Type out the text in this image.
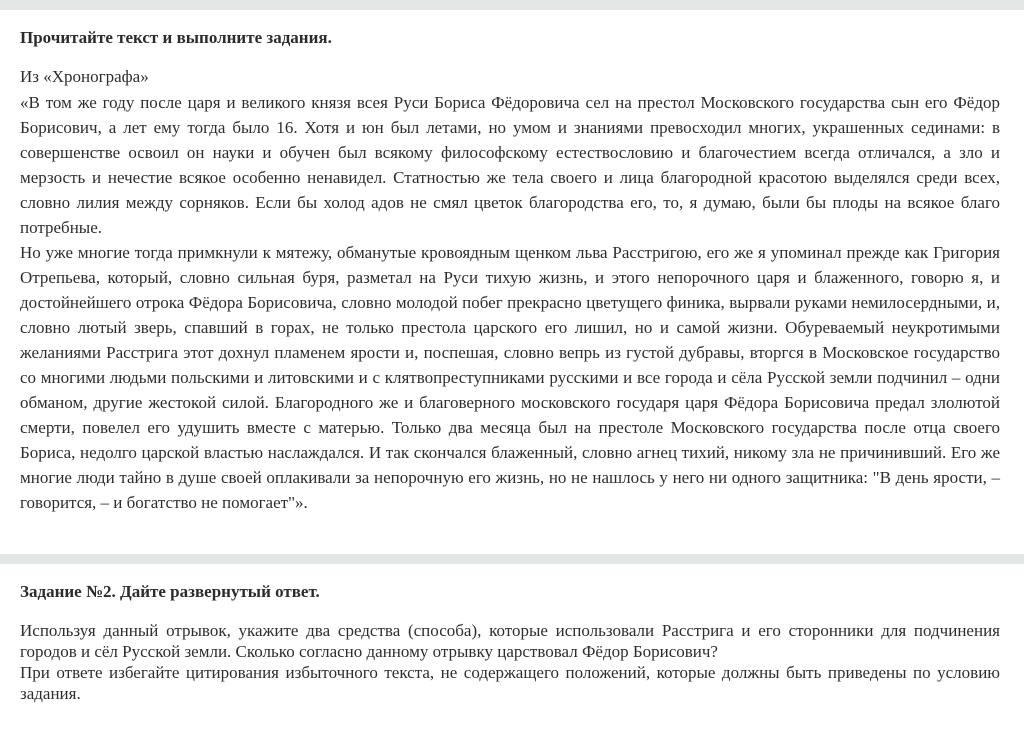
Прочитайте текст и выполните задания.
Из «Хронографа»

«В том же году после царя и великого князя всея Руси Бориса Фёдоровича сел на престол Московского государства сын его Фёдор Борисович, а лет ему тогда было 16. Хотя и юн был летами, но умом и знаниями превосходил многих, украшенных сединами: в совершенстве освоил он науки и обучен был всякому философскому естествословию и благочестием всегда отличался, а зло и мерзость и нечестие всякое особенно ненавидел. Статностью же тела своего и лица благородной красотою выделялся среди всех, словно лилия между сорняков. Если бы холод адов не смял цветок благородства его, то, я думаю, были бы плоды на всякое благо потребные.

Но уже многие тогда примкнули к мятежу, обманутые кровоядным щенком льва Расстригою, его же я упоминал прежде как Григория Отрепьева, который, словно сильная буря, разметал на Руси тихую жизнь, и этого непорочного царя и блаженного, говорю я, и достойнейшего отрока Фёдора Борисовича, словно молодой побег прекрасно цветущего финика, вырвали руками немилосердными, и, словно лютый зверь, спавший в горах, не только престола царского его лишил, но и самой жизни. Обуреваемый неукротимыми желаниями Расстрига этот дохнул пламенем ярости и, поспешая, словно вепрь из густой дубравы, вторгся в Московское государство со многими людьми польскими и литовскими и с клятвопреступниками русскими и все города и сёла Русской земли подчинил – одни обманом, другие жестокой силой. Благородного же и благоверного московского государя царя Фёдора Борисовича предал злолютой смерти, повелел его удушить вместе с матерью. Только два месяца был на престоле Московского государства после отца своего Бориса, недолго царской властью наслаждался. И так скончался блаженный, словно агнец тихий, никому зла не причинивший. Его же многие люди тайно в душе своей оплакивали за непорочную его жизнь, но не нашлось у него ни одного защитника: "В день ярости, – говорится, – и богатство не помогает"».

Задание №2. Дайте развернутый ответ.

Используя данный отрывок, укажите два средства (способа), которые использовали Расстрига и его сторонники для подчинения городов и сёл Русской земли. Сколько согласно данному отрывку царствовал Фёдор Борисович?

При ответе избегайте цитирования избыточного текста, не содержащего положений, которые должны быть приведены по условию задания.
